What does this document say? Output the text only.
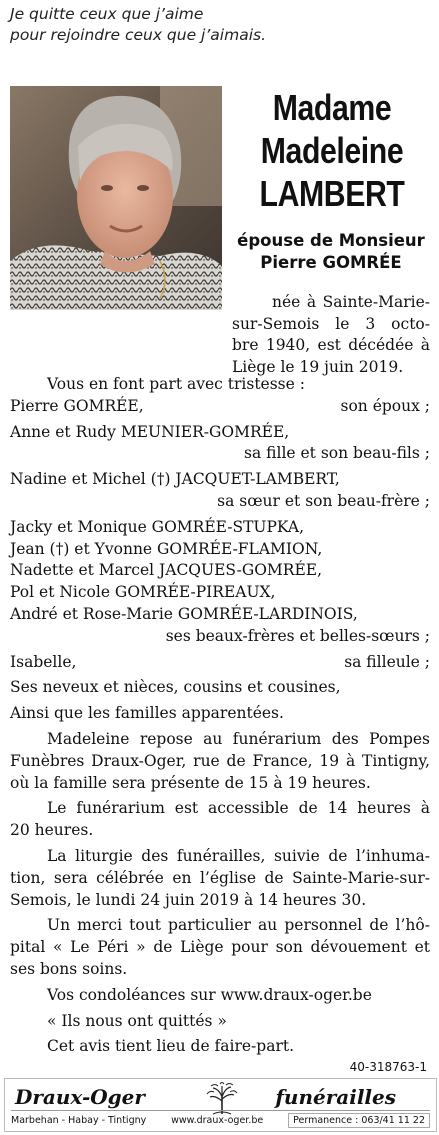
Je quitte ceux que j’aime
pour rejoindre ceux que j’aimais.
Madame
Madeleine
LAMBERT
épouse de Monsieur
Pierre GOMRÉE
née à Sainte-Marie-
sur-Semois le 3 octo-
bre 1940, est décédée à
Liège le 19 juin 2019.
Vous en font part avec tristesse :
Pierre GOMRÉE,	son époux ;
Anne et Rudy MEUNIER-GOMRÉE,
sa fille et son beau-fils ;
Nadine et Michel (†) JACQUET-LAMBERT,
sa sœur et son beau-frère ;
Jacky et Monique GOMRÉE-STUPKA,
Jean (†) et Yvonne GOMRÉE-FLAMION,
Nadette et Marcel JACQUES-GOMRÉE,
Pol et Nicole GOMRÉE-PIREAUX,
André et Rose-Marie GOMRÉE-LARDINOIS,
ses beaux-frères et belles-sœurs ;
Isabelle,	sa filleule ;
Ses neveux et nièces, cousins et cousines,
Ainsi que les familles apparentées.
Madeleine repose au funérarium des Pompes
Funèbres Draux-Oger, rue de France, 19 à Tintigny,
où la famille sera présente de 15 à 19 heures.
Le funérarium est accessible de 14 heures à
20 heures.
La liturgie des funérailles, suivie de l’inhuma-
tion, sera célébrée en l’église de Sainte-Marie-sur-
Semois, le lundi 24 juin 2019 à 14 heures 30.
Un merci tout particulier au personnel de l’hô-
pital « Le Péri » de Liège pour son dévouement et
ses bons soins.
Vos condoléances sur www.draux-oger.be
« Ils nous ont quittés »
Cet avis tient lieu de faire-part.
40-318763-1
Draux-Oger	funérailles
Marbehan - Habay - Tintigny	www.draux-oger.be	Permanence : 063/41 11 22
